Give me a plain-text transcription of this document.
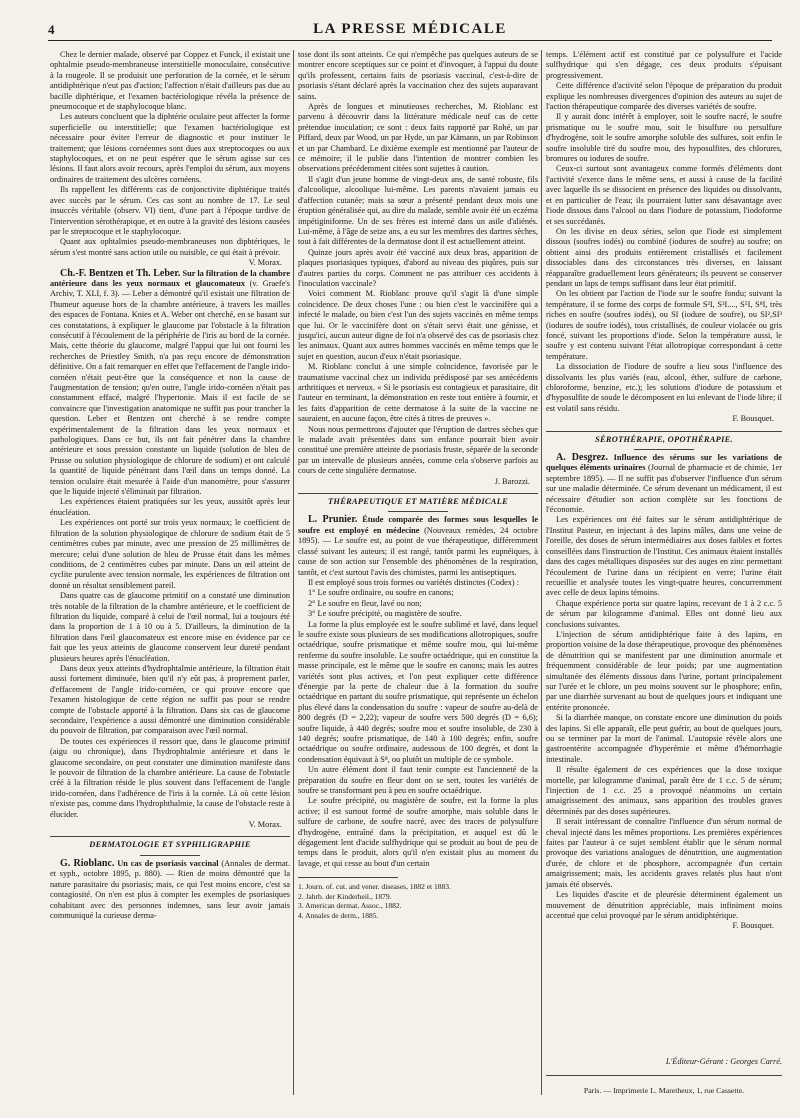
4	LA PRESSE MÉDICALE

Chez le dernier malade, observé par Coppez et Funck, il existait une ophtalmie pseudo-membraneuse interstitielle monoculaire, consécutive à la rougeole. Il se produisit une perforation de la cornée, et le sérum antidiphtérique n'eut pas d'action; l'affection n'était d'ailleurs pas due au bacille diphtérique, et l'examen bactériologique révéla la présence de pneumocoque et de staphylocoque blanc.

Les auteurs concluent que la diphtérie oculaire peut affecter la forme superficielle ou interstitielle; que l'examen bactériologique est nécessaire pour éviter l'erreur de diagnostic et pour instituer le traitement; que lésions cornéennes sont dues aux streptocoques ou aux staphylocoques, et on ne peut espérer que le sérum agisse sur ces lésions. Il faut alors avoir recours, après l'emploi du sérum, aux moyens ordinaires de traitement des ulcères cornéens.

Ils rappellent les différents cas de conjonctivite diphtérique traités avec succès par le sérum. Ces cas sont au nombre de 17. Le seul insuccès véritable (observ. VI) tient, d'une part à l'époque tardive de l'intervention sérothérapique, et en outre à la gravité des lésions causées par le streptocoque et le staphylocoque.

Quant aux ophtalmies pseudo-membraneuses non diphtériques, le sérum s'est montré sans action utile ou nuisible, ce qui était à prévoir.

V. Morax.

Ch.-F. Bentzen et Th. Leber. Sur la filtration de la chambre antérieure dans les yeux normaux et glaucomateux (v. Graefe's Archiv, T. XLI, f. 3). — Leber a démontré qu'il existait une filtration de l'humeur aqueuse hors de la chambre antérieure, à travers les mailles des espaces de Fontana. Knies et A. Weber ont cherché, en se basant sur ces constatations, à expliquer le glaucome par l'obstacle à la filtration consécutif à l'écoulement de la périphérie de l'iris au bord de la cornée. Mais, cette théorie du glaucome, malgré l'appui que lui ont fourni les recherches de Priestley Smith, n'a pas reçu encore de démonstration définitive. On a fait remarquer en effet que l'effacement de l'angle irido-cornéen n'était peut-être que la conséquence et non la cause de l'augmentation de tension; qu'en outre, l'angle irido-cornéen n'était pas constamment effacé, malgré l'hypertonie. Mais il est facile de se convaincre que l'investigation anatomique ne suffit pas pour trancher la question. Leber et Bentzen ont cherché à se rendre compte expérimentalement de la filtration dans les yeux normaux et pathologiques. Dans ce but, ils ont fait pénétrer dans la chambre antérieure et sous pression constante un liquide (solution de bleu de Prusse ou solution physiologique de chlorure de sodium) et ont calculé la quantité de liquide pénétrant dans l'œil dans un temps donné. La tension oculaire était mesurée à l'aide d'un manomètre, pour s'assurer que le liquide injecté s'éliminait par filtration.

Les expériences étaient pratiquées sur les yeux, aussitôt après leur énucléation.

Les expériences ont porté sur trois yeux normaux; le coefficient de filtration de la solution physiologique de chlorure de sodium était de 5 centimètres cubes par minute, avec une pression de 25 millimètres de mercure; celui d'une solution de bleu de Prusse était dans les mêmes conditions, de 2 centimètres cubes par minute. Dans un œil atteint de cyclite purulente avec tension normale, les expériences de filtration ont donné un résultat sensiblement pareil.

Dans quatre cas de glaucome primitif on a constaté une diminution très notable de la filtration de la chambre antérieure, et le coefficient de filtration du liquide, comparé à celui de l'œil normal, lui a toujours été dans la proportion de 1 à 10 ou à 5. D'ailleurs, la diminution de la filtration dans l'œil glaucomateux est encore mise en évidence par ce fait que les yeux atteints de glaucome conservent leur dureté pendant plusieurs heures après l'énucléation.

Dans deux yeux atteints d'hydrophtalmie antérieure, la filtration était aussi fortement diminuée, bien qu'il n'y eût pas, à proprement parler, d'effacement de l'angle irido-cornéen, ce qui prouve encore que l'examen histologique de cette région ne suffit pas pour se rendre compte de l'obstacle apporté à la filtration. Dans six cas de glaucome secondaire, l'expérience a aussi démontré une diminution considérable du pouvoir de filtration, par comparaison avec l'œil normal.

De toutes ces expériences il ressort que, dans le glaucome primitif (aigu ou chronique), dans l'hydrophtalmie antérieure et dans le glaucome secondaire, on peut constater une diminution manifeste dans le pouvoir de filtration de la chambre antérieure. La cause de l'obstacle créé à la filtration réside le plus souvent dans l'effacement de l'angle irido-cornéen, dans l'adhérence de l'iris à la cornée. Là où cette lésion n'existe pas, comme dans l'hydrophthalmie, la cause de l'obstacle reste à élucider.

V. Morax.

DERMATOLOGIE ET SYPHILIGRAPHIE

G. Rioblanc. Un cas de psoriasis vaccinal (Annales de dermat. et syph., octobre 1895, p. 880). — Rien de moins démontré que la nature parasitaire du psoriasis; mais, ce qui l'est moins encore, c'est sa contagiosité. On n'en est plus à compter les exemples de psoriasiques cohabitant avec des personnes indemnes, sans leur avoir jamais communiqué la curieuse derma-

tose dont ils sont atteints. Ce qui n'empêche pas quelques auteurs de se montrer encore sceptiques sur ce point et d'invoquer, à l'appui du doute qu'ils professent, certains faits de psoriasis vaccinal, c'est-à-dire de psoriasis s'étant déclaré après la vaccination chez des sujets auparavant sains.

Après de longues et minutieuses recherches, M. Rioblanc est parvenu à découvrir dans la littérature médicale neuf cas de cette prétendue inoculation; ce sont : deux faits rapporté par Rohé, un par Piffard, deux par Wood, un par Hyde, un par Kämann, un par Robinson et un par Chambard. Le dixième exemple est mentionné par l'auteur de ce mémoire; il le publie dans l'intention de montrer combien les observations précédemment citées sont sujettes à caution.

Il s'agit d'un jeune homme de vingt-deux ans, de santé robuste, fils d'alcoolique, alcoolique lui-même. Les parents n'avaient jamais eu d'affection cutanée; mais sa sœur a présenté pendant deux mois une éruption généralisée qui, au dire du malade, semble avoir été un eczéma impétiginiforme. Un de ses frères est interné dans un asile d'aliénés. Lui-même, à l'âge de seize ans, a eu sur les membres des dartres sèches, tout à fait différentes de la dermatose dont il est actuellement atteint.

Quinze jours après avoir été vacciné aux deux bras, apparition de plaques psoriasiques typiques, d'abord au niveau des piqûres, puis sur d'autres parties du corps. Comment ne pas attribuer ces accidents à l'inoculation vaccinale?

Voici comment M. Rioblanc prouve qu'il s'agit là d'une simple coïncidence. De deux choses l'une : ou bien c'est le vaccinifère qui a infecté le malade, ou bien c'est l'un des sujets vaccinés en même temps que lui. Or le vaccinifère dont on s'était servi était une génisse, et jusqu'ici, aucun auteur digne de foi n'a observé des cas de psoriasis chez les animaux. Quant aux autres hommes vaccinés en même temps que le sujet en question, aucun d'eux n'était psoriasique.

M. Rioblanc conclut à une simple coïncidence, favorisée par le traumatisme vaccinal chez un individu prédisposé par ses antécédents arthritiques et nerveux. « Si le psoriasis est contagieux et parasitaire, dit l'auteur en terminant, la démonstration en reste tout entière à fournir, et les faits d'apparition de cette dermatose à la suite de la vaccine ne sauraient, en aucune façon, être cités à titres de preuves ».

Nous nous permettrons d'ajouter que l'éruption de dartres sèches que le malade avait présentées dans son enfance pourrait bien avoir constitué une première atteinte de psoriasis fruste, séparée de la seconde par un intervalle de plusieurs années, comme cela s'observe parfois au cours de cette singulière dermatose.

J. Barozzi.

THÉRAPEUTIQUE ET MATIÈRE MÉDICALE

L. Prunier. Étude comparée des formes sous lesquelles le soufre est employé en médecine (Nouveaux remèdes, 24 octobre 1895). — Le soufre est, au point de vue thérapeutique, différemment classé suivant les auteurs; il est rangé, tantôt parmi les eupnéiques, à cause de son action sur l'ensemble des phénomènes de la respiration, tantôt, et c'est surtout l'avis des chimistes, parmi les antiseptiques.

Il est employé sous trois formes ou variétés distinctes (Codex) :

1° Le soufre ordinaire, ou soufre en canons;

2° Le soufre en fleur, lavé ou non;

3° Le soufre précipité, ou magistère de soufre.

La forme la plus employée est le soufre sublimé et lavé, dans lequel le soufre existe sous plusieurs de ses modifications allotropiques, soufre octaédrique, soufre prismatique et même soufre mou, qui lui-même renferme du soufre insoluble. Le soufre octaédrique, qui en constitue la masse principale, est le même que le soufre en canons; mais les autres variétés sont plus actives, et l'on peut expliquer cette différence d'énergie par la perte de chaleur due à la formation du soufre octaédrique en partant du soufre prismatique, qui représente un échelon plus élevé dans la condensation du soufre : vapeur de soufre au-delà de 800 degrés (D = 2,22); vapeur de soufre vers 500 degrés (D = 6,6); soufre liquide, à 440 degrés; soufre mou et soufre insoluble, de 230 à 140 degrés; soufre prismatique, de 140 à 100 degrés; enfin, soufre octaédrique ou soufre ordinaire, audessous de 100 degrés, et dont la condensation équivaut à S⁸, ou plutôt un multiple de ce symbole.

Un autre élément dont il faut tenir compte est l'ancienneté de la préparation du soufre en fleur dont on se sert, toutes les variétés de soufre se transformant peu à peu en soufre octaédrique.

Le soufre précipité, ou magistère de soufre, est la forme la plus active; il est surtout formé de soufre amorphe, mais soluble dans le sulfure de carbone, de soufre nacré, avec des traces de polysulfure d'hydrogène, entraîné dans la précipitation, et auquel est dû le dégagement lent d'acide sulfhydrique qui se produit au bout de peu de temps dans le produit, alors qu'il n'en existait plus au moment du lavage, et qui cesse au bout d'un certain

1. Journ. of. cut. and vener. diseases, 1882 et 1883.

2. Jahrb. der Kinderheil., 1879.

3. American dermat. Assoc., 1882.

4. Annales de derm., 1885.

temps. L'élément actif est constitué par ce polysulfure et l'acide sulfhydrique qui s'en dégage, ces deux produits s'épuisant progressivement.

Cette différence d'activité selon l'époque de préparation du produit explique les nombreuses divergences d'opinion des auteurs au sujet de l'action thérapeutique comparée des diverses variétés de soufre.

Il y aurait donc intérêt à employer, soit le soufre nacré, le soufre prismatique ou le soufre mou, soit le bisulfure ou persulfure d'hydrogène, soit le soufre amorphe soluble des sulfures, soit enfin le soufre insoluble tiré du soufre mou, des hyposulfites, des chlorures, bromures ou iodures de soufre.

Ceux-ci surtout sont avantageux comme formés d'éléments dont l'activité s'exerce dans le même sens, et aussi à cause de la facilité avec laquelle ils se dissocient en présence des liquides ou dissolvants, et en particulier de l'eau; ils pourraient lutter sans désavantage avec l'iode dissous dans l'alcool ou dans l'iodure de potassium, l'iodoforme et ses succédanés.

On les divise en deux séries, selon que l'iode est simplement dissous (soufres iodés) ou combiné (iodures de soufre) au soufre; on obtient ainsi des produits entièrement cristallisés et facilement dissociables dans des circonstances très diverses, en laissant réapparaître graduellement leurs générateurs; ils peuvent se conserver pendant un laps de temps suffisant dans leur état primitif.

On les obtient par l'action de l'iode sur le soufre fondu; suivant la température, il se forme des corps de formule S²I, S³I...., S⁵I, S⁸I, très riches en soufre (soufres iodés), ou SI (iodure de soufre), ou SI²,SI³ (iodures de soufre iodés), tous cristallisés, de couleur violacée ou gris foncé, suivant les proportions d'iode. Selon la température aussi, le soufre y est contenu suivant l'état allotropique correspondant à cette température.

La dissociation de l'iodure de soufre a lieu sous l'influence des dissolvants les plus variés (eau, alcool, éther, sulfure de carbone, chloroforme, benzine, etc.); les solutions d'iodure de potassium et d'hyposulfite de soude le décomposent en lui enlevant de l'iode libre; il est volatil sans résidu.

F. Bousquet.

SÉROTHÉRAPIE, OPOTHÉRAPIE.

A. Desgrez. Influence des sérums sur les variations de quelques éléments urinaires (Journal de pharmacie et de chimie, 1er septembre 1895). — Il ne suffit pas d'observer l'influence d'un sérum sur une maladie déterminée. Ce sérum devenant un médicament, il est nécessaire d'étudier son action complète sur les fonctions de l'économie.

Les expériences ont été faites sur le sérum antidiphtérique de l'Institut Pasteur, en injectant à des lapins mâles, dans une veine de l'oreille, des doses de sérum intermédiaires aux doses faibles et fortes conseillées dans l'instruction de l'Institut. Ces animaux étaient installés dans des cages métalliques disposées sur des auges en zinc permettant l'écoulement de l'urine dans un récipient en verre; l'urine était recueillie et analysée toutes les vingt-quatre heures, concurremment avec celle de deux lapins témoins.

Chaque expérience porta sur quatre lapins, recevant de 1 à 2 c.c. 5 de sérum par kilogramme d'animal. Elles ont donné lieu aux conclusions suivantes.

L'injection de sérum antidiphtérique faite à des lapins, en proportion voisine de la dose thérapeutique, provoque des phénomènes de dénutrition qui se manifestent par une diminution anormale et fréquemment considérable de leur poids; par une augmentation simultanée des éléments dissous dans l'urine, portant principalement sur l'urée et le chlore, un peu moins souvent sur le phosphore; enfin, par une diarrhée survenant au bout de quelques jours et indiquant une entérite prononcée.

Si la diarrhée manque, on constate encore une diminution du poids des lapins. Si elle apparaît, elle peut guérir, au bout de quelques jours, ou se terminer par la mort de l'animal. L'autopsie révèle alors une gastroentérite accompagnée d'hyperémie et même d'hémorrhagie intestinale.

Il résulte également de ces expériences que la dose toxique mortelle, par kilogramme d'animal, paraît être de 1 c.c. 5 de sérum; l'injection de 1 c.c. 25 a provoqué néanmoins un certain amaigrissement des animaux, sans apparition des troubles graves déterminés par des doses supérieures.

Il serait intéressant de connaître l'influence d'un sérum normal de cheval injecté dans les mêmes proportions. Les premières expériences faites par l'auteur à ce sujet semblent établir que le sérum normal provoque des variations analogues de dénutrition, une augmentation d'urée, de chlore et de phosphore, accompagnée d'un certain amaigrissement; mais, les accidents graves relatés plus haut n'ont jamais été observés.

Les liquides d'ascite et de pleurésie déterminent également un mouvement de dénutrition appréciable, mais infiniment moins accentué que celui provoqué par le sérum antidiphtérique.

F. Bousquet.

L'Éditeur-Gérant : Georges Carré.
Paris. — Imprimerie L. Maretheux, 1, rue Cassette.
